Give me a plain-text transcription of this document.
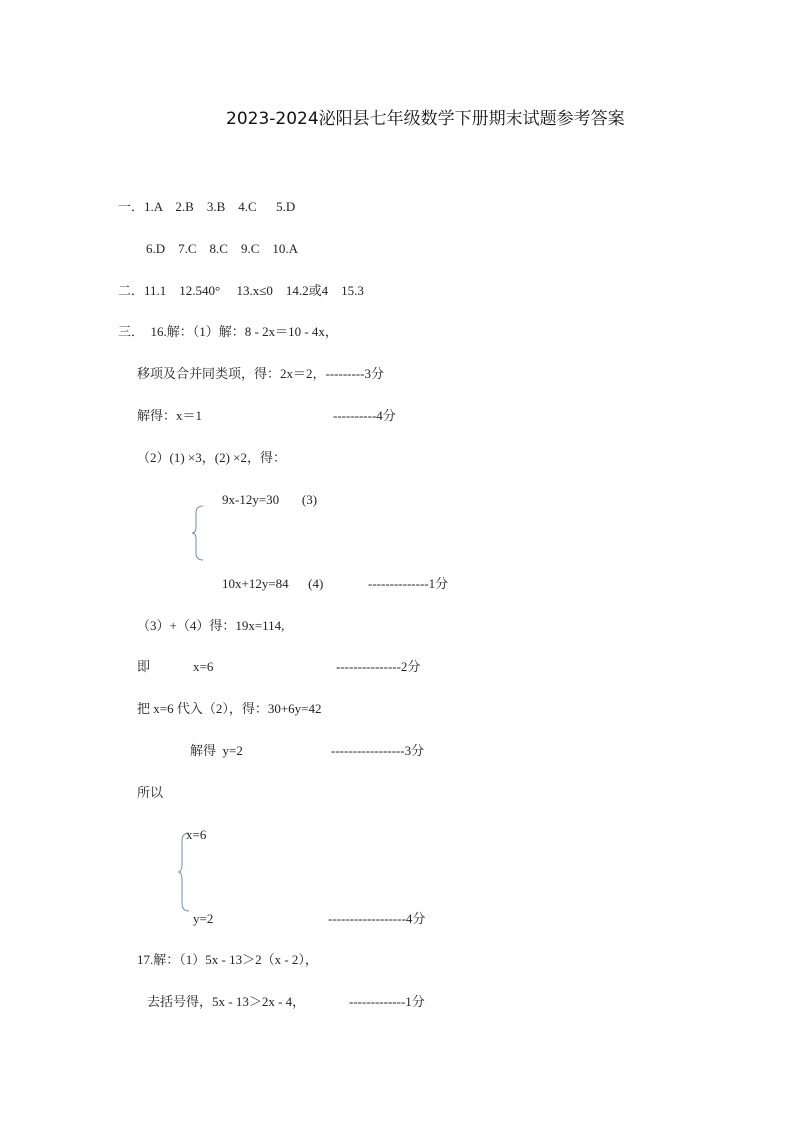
2023-2024泌阳县七年级数学下册期末试题参考答案
一．1.A    2.B    3.B    4.C      5.D
6.D    7.C    8.C    9.C    10.A
二．11.1    12.540°     13.x≤0    14.2或4    15.3
三．  16.解：（1）解：8 - 2x＝10 - 4x，
移项及合并同类项，得：2x＝2，---------3分
解得：x＝1	----------4分
（2）(1) ×3，(2) ×2，得：
9x-12y=30       (3)
10x+12y=84      (4)	--------------1分
（3）+（4）得：19x=114,
即	x=6	---------------2分
把 x=6 代入（2），得：30+6y=42
解得  y=2	-----------------3分
所以
x=6
y=2	------------------4分
17.解：（1）5x - 13＞2（x - 2），
去括号得，5x - 13＞2x - 4，	-------------1分
